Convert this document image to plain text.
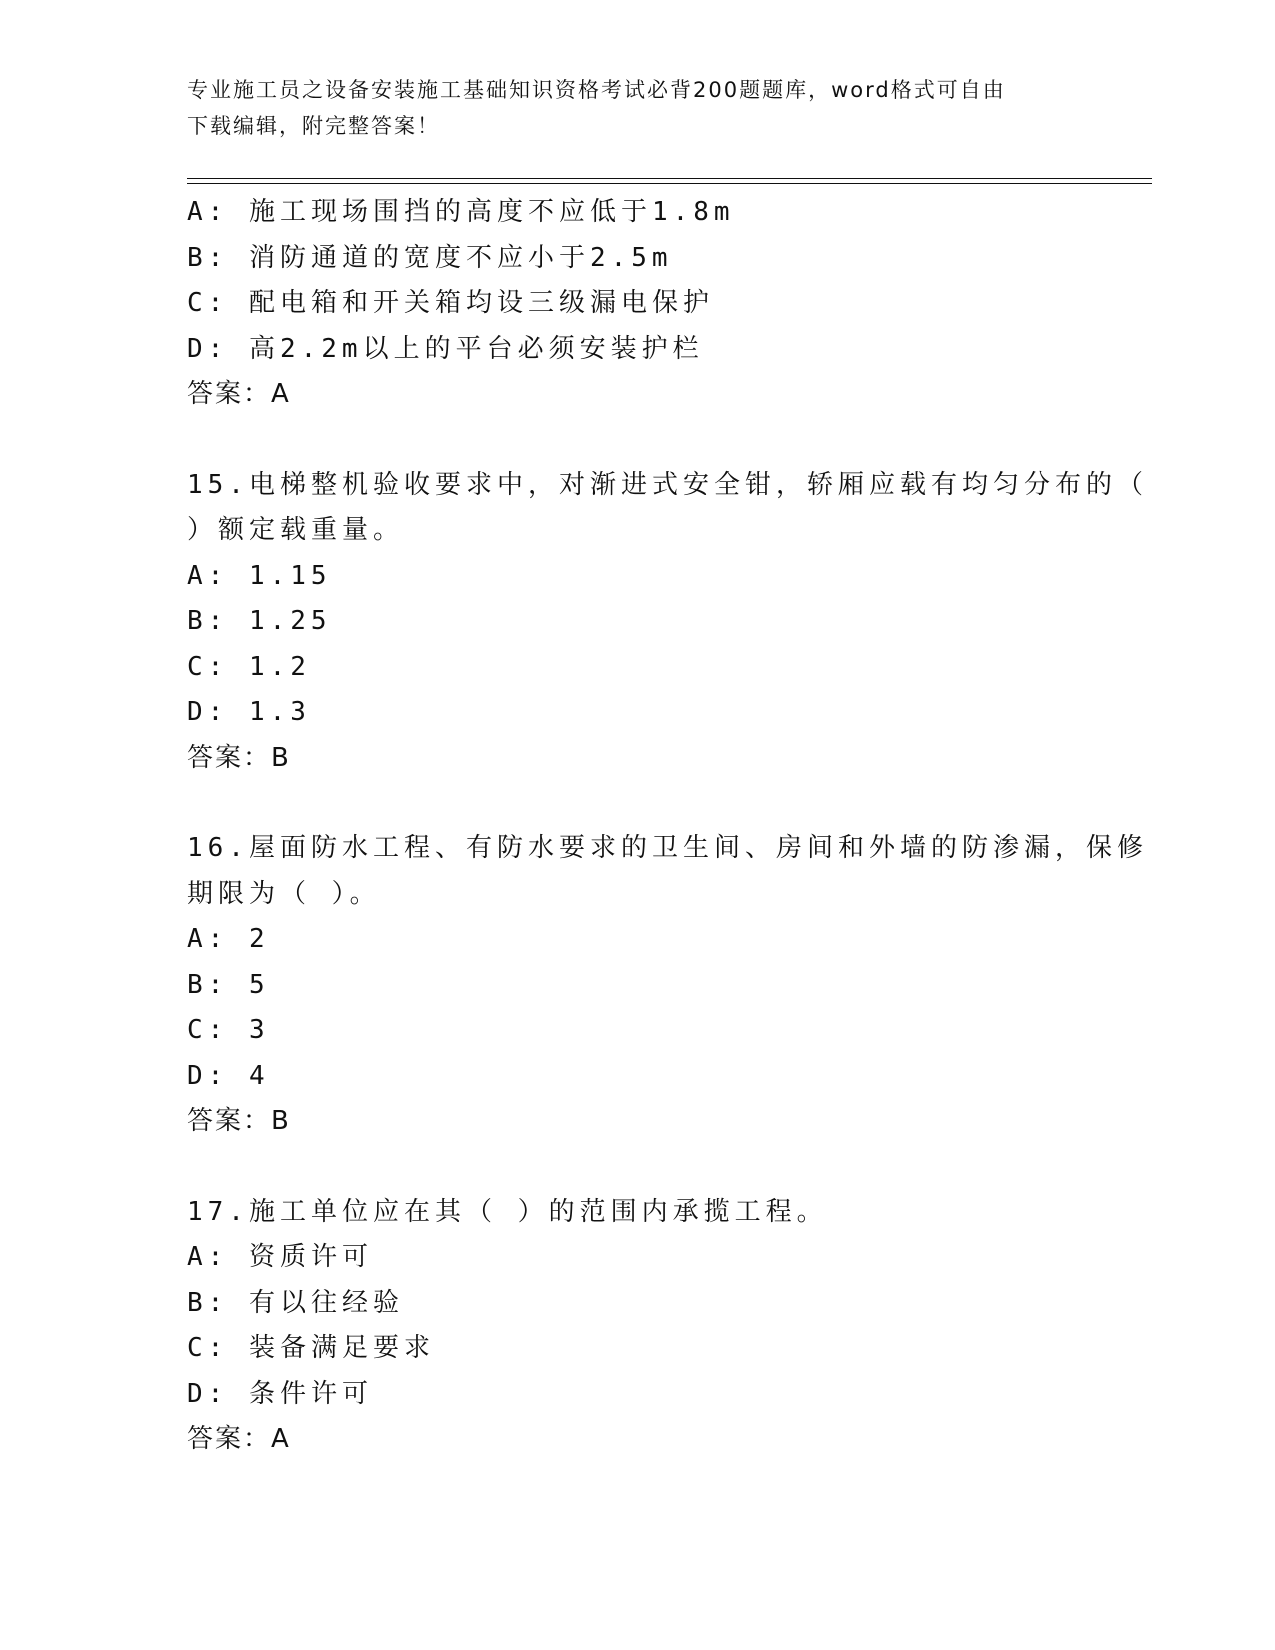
专业施工员之设备安装施工基础知识资格考试必背200题题库，word格式可自由
下载编辑，附完整答案！
A: 施工现场围挡的高度不应低于1.8m
B: 消防通道的宽度不应小于2.5m
C: 配电箱和开关箱均设三级漏电保护
D: 高2.2m以上的平台必须安装护栏
答案：A
15.电梯整机验收要求中，对渐进式安全钳，轿厢应载有均匀分布的（
）额定载重量。
A: 1.15
B: 1.25
C: 1.2
D: 1.3
答案：B
16.屋面防水工程、有防水要求的卫生间、房间和外墙的防渗漏，保修
期限为（ ）。
A: 2
B: 5
C: 3
D: 4
答案：B
17.施工单位应在其（ ）的范围内承揽工程。
A: 资质许可
B: 有以往经验
C: 装备满足要求
D: 条件许可
答案：A
